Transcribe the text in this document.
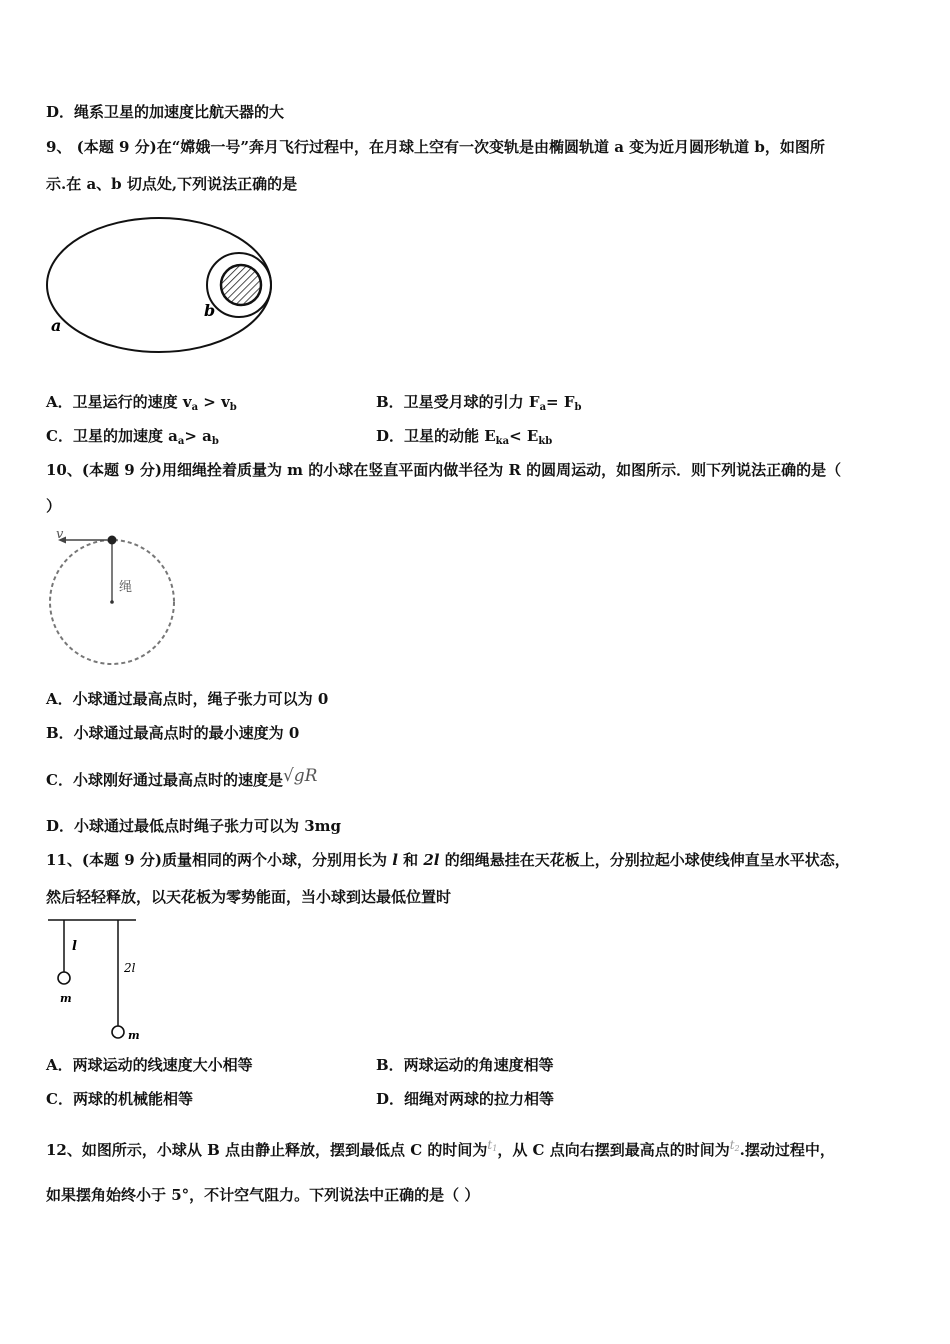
D．绳系卫星的加速度比航天器的大
9、 (本题 9 分)在“嫦娥一号”奔月飞行过程中，在月球上空有一次变轨是由椭圆轨道 a 变为近月圆形轨道 b，如图所
示.在 a、b 切点处,下列说法正确的是
a
b
A．卫星运行的速度 $v_a > v_b$	B．卫星受月球的引力 $F_a= F_b$
C．卫星的加速度 $a_a> a_b$	D．卫星的动能 $E_{ka}< E_{kb}$
10、(本题 9 分)用细绳拴着质量为 m 的小球在竖直平面内做半径为 R 的圆周运动，如图所示．则下列说法正确的是（
）
v
绳
A．小球通过最高点时，绳子张力可以为 0
B．小球通过最高点时的最小速度为 0
C．小球刚好通过最高点时的速度是√gR
D．小球通过最低点时绳子张力可以为 3mg
11、(本题 9 分)质量相同的两个小球，分别用长为 l 和 2l 的细绳悬挂在天花板上，分别拉起小球使线伸直呈水平状态，
然后轻轻释放，以天花板为零势能面，当小球到达最低位置时
l
2l
m
m
A．两球运动的线速度大小相等	B．两球运动的角速度相等
C．两球的机械能相等	D．细绳对两球的拉力相等
12、如图所示，小球从 B 点由静止释放，摆到最低点 C 的时间为$^{t1}$，从 C 点向右摆到最高点的时间为$^{t2}$.摆动过程中，
如果摆角始终小于 5°，不计空气阻力。下列说法中正确的是（ ）
